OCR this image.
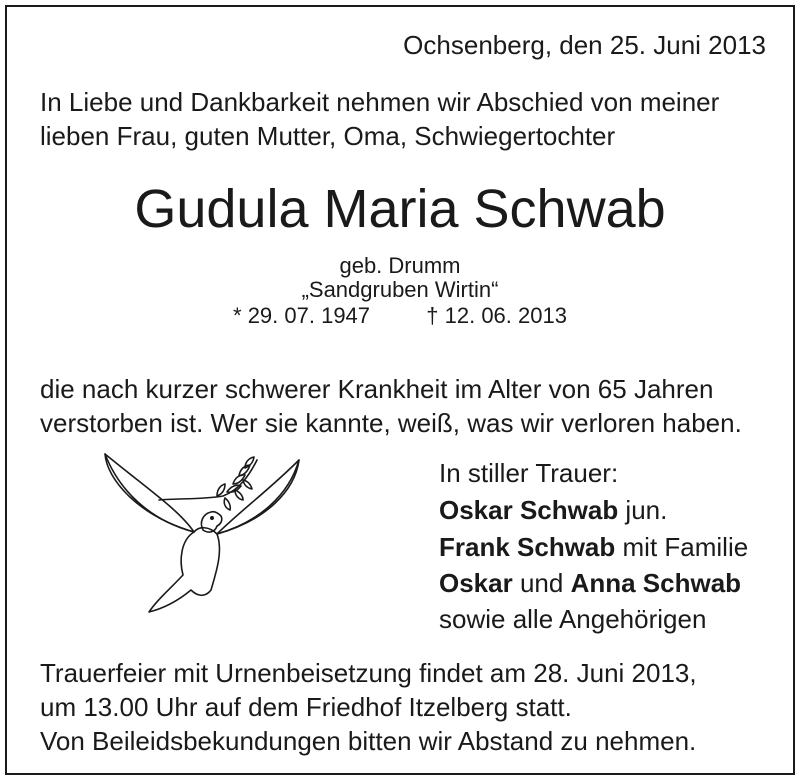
Ochsenberg, den 25. Juni 2013
In Liebe und Dankbarkeit nehmen wir Abschied von meiner
lieben Frau, guten Mutter, Oma, Schwiegertochter
Gudula Maria Schwab
geb. Drumm
„Sandgruben Wirtin“
* 29. 07. 1947	† 12. 06. 2013
die nach kurzer schwerer Krankheit im Alter von 65 Jahren
verstorben ist. Wer sie kannte, weiß, was wir verloren haben.
In stiller Trauer:
Oskar Schwab jun.
Frank Schwab mit Familie
Oskar und Anna Schwab
sowie alle Angehörigen
Trauerfeier mit Urnenbeisetzung findet am 28. Juni 2013,
um 13.00 Uhr auf dem Friedhof Itzelberg statt.
Von Beileidsbekundungen bitten wir Abstand zu nehmen.
